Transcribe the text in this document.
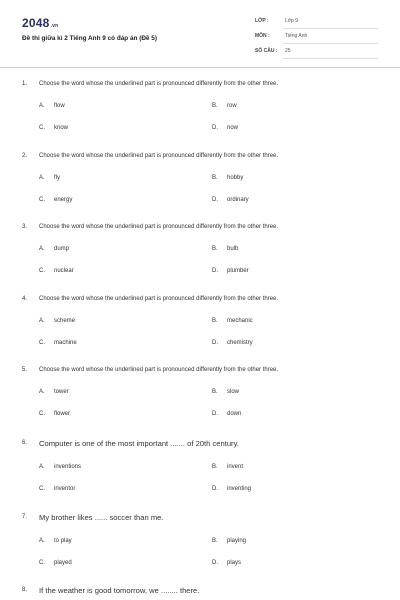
2048.vn
Đề thi giữa kì 2 Tiếng Anh 9 có đáp án (Đề 5)
LỚP :	Lớp 9
MÔN :	Tiếng Anh
SỐ CÂU : 25
1. Choose the word whose the underlined part is pronounced differently from the other three.
A. flow	B. row
C. know	D. now
2. Choose the word whose the underlined part is pronounced differently from the other three.
A. fly	B. hobby
C. energy	D. ordinary
3. Choose the word whose the underlined part is pronounced differently from the other three.
A. dump	B. bulb
C. nuclear	D. plumber
4. Choose the word whose the underlined part is pronounced differently from the other three.
A. scheme	B. mechanic
C. machine	D. chemistry
5. Choose the word whose the underlined part is pronounced differently from the other three.
A. tower	B. slow
C. flower	D. down
6. Computer is one of the most important ....... of 20th century.
A. inventions	B. invent
C. inventor	D. inventing
7. My brother likes ...... soccer than me.
A. to play	B. playing
C. played	D. plays
8. If the weather is good tomorrow, we ........ there.
